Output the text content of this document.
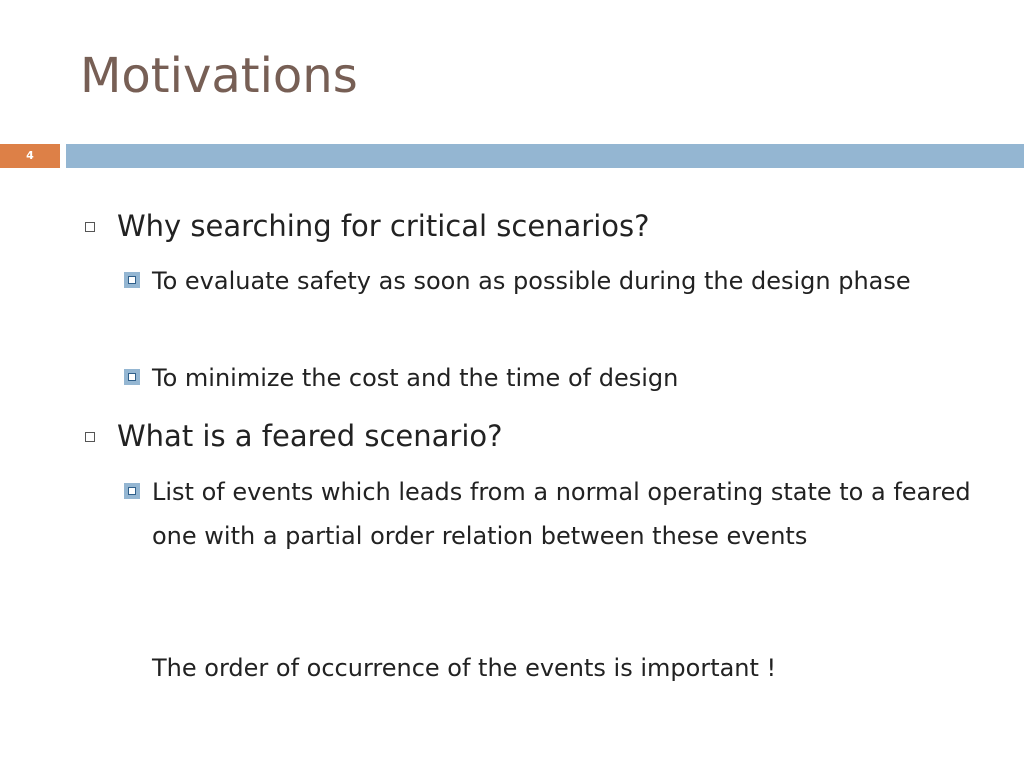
Motivations
4
Why searching for critical scenarios?
To evaluate safety as soon as possible during the design phase
To minimize the cost and the time of design
What is a feared scenario?
List of events which leads from a normal operating state to a feared one with a partial order relation between these events
The order of occurrence of the events is important !
